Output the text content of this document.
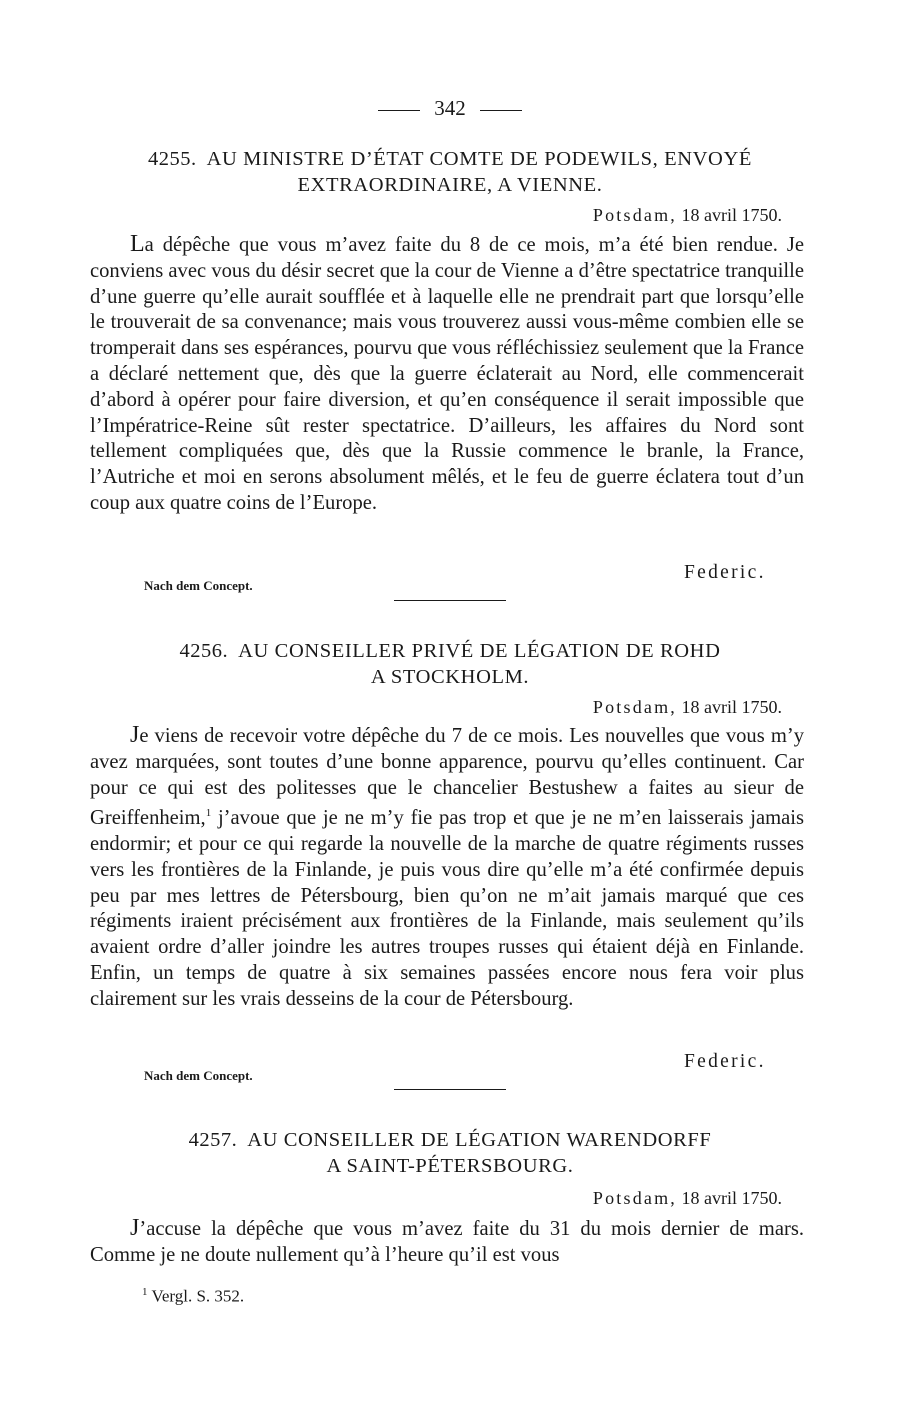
342
4255. AU MINISTRE D’ÉTAT COMTE DE PODEWILS, ENVOYÉ
EXTRAORDINAIRE, A VIENNE.
Potsdam, 18 avril 1750.
La dépêche que vous m’avez faite du 8 de ce mois, m’a été bien rendue. Je conviens avec vous du désir secret que la cour de Vienne a d’être spectatrice tranquille d’une guerre qu’elle aurait soufflée et à laquelle elle ne prendrait part que lorsqu’elle le trouverait de sa convenance; mais vous trouverez aussi vous-même combien elle se tromperait dans ses espérances, pourvu que vous réfléchissiez seulement que la France a déclaré nettement que, dès que la guerre éclaterait au Nord, elle commencerait d’abord à opérer pour faire diversion, et qu’en conséquence il serait impossible que l’Impératrice-Reine sût rester spectatrice. D’ailleurs, les affaires du Nord sont tellement compliquées que, dès que la Russie commence le branle, la France, l’Autriche et moi en serons absolument mêlés, et le feu de guerre éclatera tout d’un coup aux quatre coins de l’Europe.
Federic.
Nach dem Concept.
4256. AU CONSEILLER PRIVÉ DE LÉGATION DE ROHD
A STOCKHOLM.
Potsdam, 18 avril 1750.
Je viens de recevoir votre dépêche du 7 de ce mois. Les nouvelles que vous m’y avez marquées, sont toutes d’une bonne apparence, pourvu qu’elles continuent. Car pour ce qui est des politesses que le chancelier Bestushew a faites au sieur de Greiffenheim,$^1$ j’avoue que je ne m’y fie pas trop et que je ne m’en laisserais jamais endormir; et pour ce qui regarde la nouvelle de la marche de quatre régiments russes vers les frontières de la Finlande, je puis vous dire qu’elle m’a été confirmée depuis peu par mes lettres de Pétersbourg, bien qu’on ne m’ait jamais marqué que ces régiments iraient précisément aux frontières de la Finlande, mais seulement qu’ils avaient ordre d’aller joindre les autres troupes russes qui étaient déjà en Finlande. Enfin, un temps de quatre à six semaines passées encore nous fera voir plus clairement sur les vrais desseins de la cour de Pétersbourg.
Federic.
Nach dem Concept.
4257. AU CONSEILLER DE LÉGATION WARENDORFF
A SAINT-PÉTERSBOURG.
Potsdam, 18 avril 1750.
J’accuse la dépêche que vous m’avez faite du 31 du mois dernier de mars. Comme je ne doute nullement qu’à l’heure qu’il est vous
$^1$ Vergl. S. 352.
